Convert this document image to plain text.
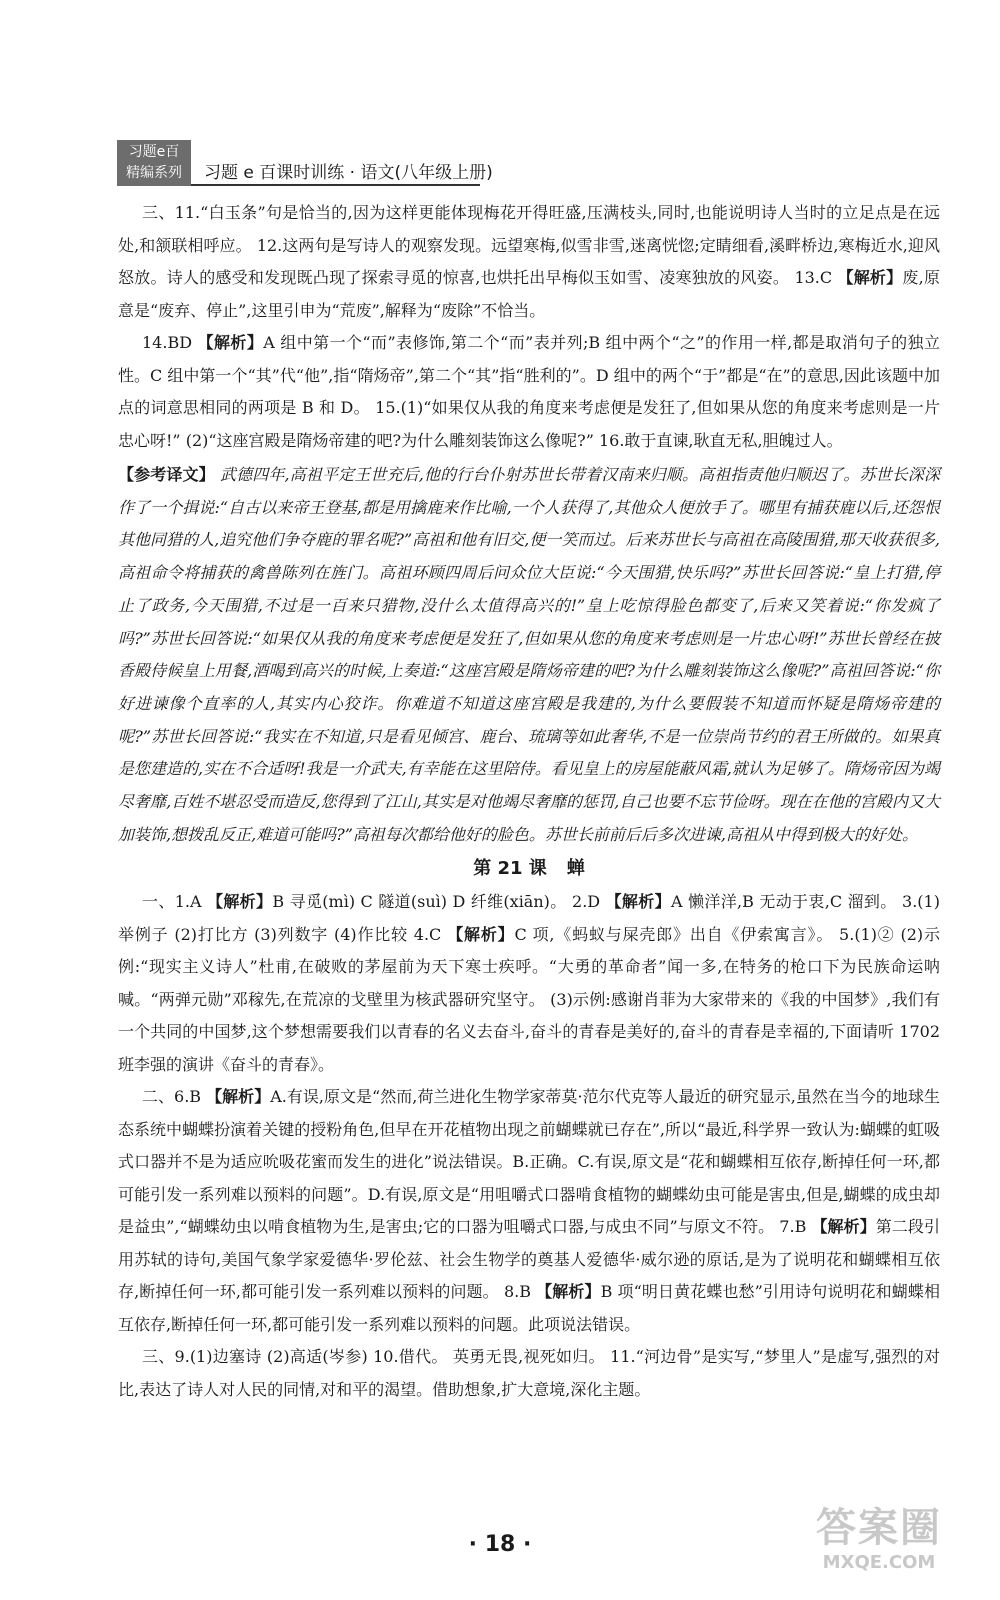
习题e百
精编系列	习题 e 百课时训练 · 语文(八年级上册)

三、11.“白玉条”句是恰当的,因为这样更能体现梅花开得旺盛,压满枝头,同时,也能说明诗人当时的立足点是在远处,和颔联相呼应。 12.这两句是写诗人的观察发现。远望寒梅,似雪非雪,迷离恍惚;定睛细看,溪畔桥边,寒梅近水,迎风怒放。诗人的感受和发现既凸现了探索寻觅的惊喜,也烘托出早梅似玉如雪、凌寒独放的风姿。 13.C 【解析】废,原意是“废弃、停止”,这里引申为“荒废”,解释为“废除”不恰当。

14.BD 【解析】A 组中第一个“而”表修饰,第二个“而”表并列;B 组中两个“之”的作用一样,都是取消句子的独立性。C 组中第一个“其”代“他”,指“隋炀帝”,第二个“其”指“胜利的”。D 组中的两个“于”都是“在”的意思,因此该题中加点的词意思相同的两项是 B 和 D。 15.(1)“如果仅从我的角度来考虑便是发狂了,但如果从您的角度来考虑则是一片忠心呀!” (2)“这座宫殿是隋炀帝建的吧?为什么雕刻装饰这么像呢?” 16.敢于直谏,耿直无私,胆魄过人。

【参考译文】 武德四年,高祖平定王世充后,他的行台仆射苏世长带着汉南来归顺。高祖指责他归顺迟了。苏世长深深作了一个揖说:“自古以来帝王登基,都是用擒鹿来作比喻,一个人获得了,其他众人便放手了。哪里有捕获鹿以后,还怨恨其他同猎的人,追究他们争夺鹿的罪名呢?”高祖和他有旧交,便一笑而过。后来苏世长与高祖在高陵围猎,那天收获很多,高祖命令将捕获的禽兽陈列在旌门。高祖环顾四周后问众位大臣说:“今天围猎,快乐吗?”苏世长回答说:“皇上打猎,停止了政务,今天围猎,不过是一百来只猎物,没什么太值得高兴的!”皇上吃惊得脸色都变了,后来又笑着说:“你发疯了吗?”苏世长回答说:“如果仅从我的角度来考虑便是发狂了,但如果从您的角度来考虑则是一片忠心呀!”苏世长曾经在披香殿侍候皇上用餐,酒喝到高兴的时候,上奏道:“这座宫殿是隋炀帝建的吧?为什么雕刻装饰这么像呢?”高祖回答说:“你好进谏像个直率的人,其实内心狡诈。你难道不知道这座宫殿是我建的,为什么要假装不知道而怀疑是隋炀帝建的呢?”苏世长回答说:“我实在不知道,只是看见倾宫、鹿台、琉璃等如此奢华,不是一位崇尚节约的君王所做的。如果真是您建造的,实在不合适呀!我是一介武夫,有幸能在这里陪侍。看见皇上的房屋能蔽风霜,就认为足够了。隋炀帝因为竭尽奢靡,百姓不堪忍受而造反,您得到了江山,其实是对他竭尽奢靡的惩罚,自己也要不忘节俭呀。现在在他的宫殿内又大加装饰,想拨乱反正,难道可能吗?”高祖每次都给他好的脸色。苏世长前前后后多次进谏,高祖从中得到极大的好处。

第 21 课 蝉

一、1.A 【解析】B 寻觅(mì) C 隧道(suì) D 纤维(xiān)。 2.D 【解析】A 懒洋洋,B 无动于衷,C 溜到。 3.(1)举例子 (2)打比方 (3)列数字 (4)作比较 4.C 【解析】C 项,《蚂蚁与屎壳郎》出自《伊索寓言》。 5.(1)② (2)示例:“现实主义诗人”杜甫,在破败的茅屋前为天下寒士疾呼。“大勇的革命者”闻一多,在特务的枪口下为民族命运呐喊。“两弹元勋”邓稼先,在荒凉的戈壁里为核武器研究坚守。 (3)示例:感谢肖菲为大家带来的《我的中国梦》,我们有一个共同的中国梦,这个梦想需要我们以青春的名义去奋斗,奋斗的青春是美好的,奋斗的青春是幸福的,下面请听 1702 班李强的演讲《奋斗的青春》。

二、6.B 【解析】A.有误,原文是“然而,荷兰进化生物学家蒂莫·范尔代克等人最近的研究显示,虽然在当今的地球生态系统中蝴蝶扮演着关键的授粉角色,但早在开花植物出现之前蝴蝶就已存在”,所以“最近,科学界一致认为:蝴蝶的虹吸式口器并不是为适应吮吸花蜜而发生的进化”说法错误。B.正确。C.有误,原文是“花和蝴蝶相互依存,断掉任何一环,都可能引发一系列难以预料的问题”。D.有误,原文是“用咀嚼式口器啃食植物的蝴蝶幼虫可能是害虫,但是,蝴蝶的成虫却是益虫”,“蝴蝶幼虫以啃食植物为生,是害虫;它的口器为咀嚼式口器,与成虫不同”与原文不符。 7.B 【解析】第二段引用苏轼的诗句,美国气象学家爱德华·罗伦兹、社会生物学的奠基人爱德华·威尔逊的原话,是为了说明花和蝴蝶相互依存,断掉任何一环,都可能引发一系列难以预料的问题。 8.B 【解析】B 项“明日黄花蝶也愁”引用诗句说明花和蝴蝶相互依存,断掉任何一环,都可能引发一系列难以预料的问题。此项说法错误。

三、9.(1)边塞诗 (2)高适(岑参) 10.借代。 英勇无畏,视死如归。 11.“河边骨”是实写,“梦里人”是虚写,强烈的对比,表达了诗人对人民的同情,对和平的渴望。借助想象,扩大意境,深化主题。

· 18 ·	答案圈
MXQE.COM
